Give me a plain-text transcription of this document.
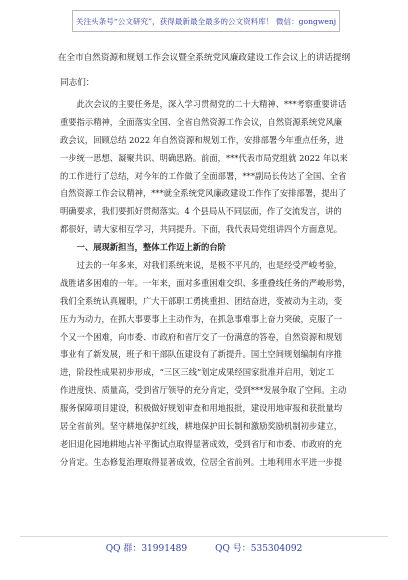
关注头条号“公文研究”，获得最新最全最多的公文资料库！ 微信：gongwenj
在全市自然资源和规划工作会议暨全系统党风廉政建设工作会议上的讲话提纲
同志们：
　　此次会议的主要任务是，深入学习贯彻党的二十大精神、***考察重要讲话
重要指示精神，全面落实全国、全省自然资源工作会议，自然资源系统党风廉
政会议，回顾总结 2022 年自然资源和规划工作，安排部署今年重点任务，进
一步统一思想、凝聚共识、明确思路。前面，***代表市局党组就 2022 年以来
的工作进行了总结，对今年的工作做了全面部署，***副局长传达了全国、全省
自然资源工作会议精神，***就全系统党风廉政建设工作作了安排部署，提出了
明确要求，我们要抓好贯彻落实。4 个县局从不同层面，作了交流发言，讲的
都很好，请大家相互学习，共同提升。下面，我代表局党组讲四个方面意见。
　　一、展现新担当，整体工作迈上新的台阶
　　过去的一年多来，对我们系统来说，是极不平凡的，也是经受严峻考验，
战胜诸多困难的一年。一年来，面对多重困难交织、多重叠线任务的严峻形势，
我们全系统认真履职，广大干部职工勇挑重担、团结奋进，变被动为主动，变
压力为动力，在抓大事要事上主动作为，在抓急事难事上奋力突破，克服了一
个又一个困难，向市委、市政府和省厅交了一份满意的答卷，自然资源和规划
事业有了新发展，班子和干部队伍建设有了新提升。国土空间规划编制有序推
进，阶段性成果初步形成，“三区三线”划定成果经国家批准并启用，划定工
作进度快、质量高，受到省厅领导的充分肯定，受到***发展争取了空间。主动
服务保障项目建设，积极做好规划审查和用地报批，建设用地审报和获批量均
居全省前列。坚守耕地保护红线，耕地保护田长制和激励奖励机制初步建立，
老旧退化园地耕地占补平衡试点取得显著成效，受到省厅和市委、市政府的充
分肯定。生态修复治理取得显著成效，位居全省前列。土地利用水平进一步提
QQ 群：31991489	QQ 号：535304092
